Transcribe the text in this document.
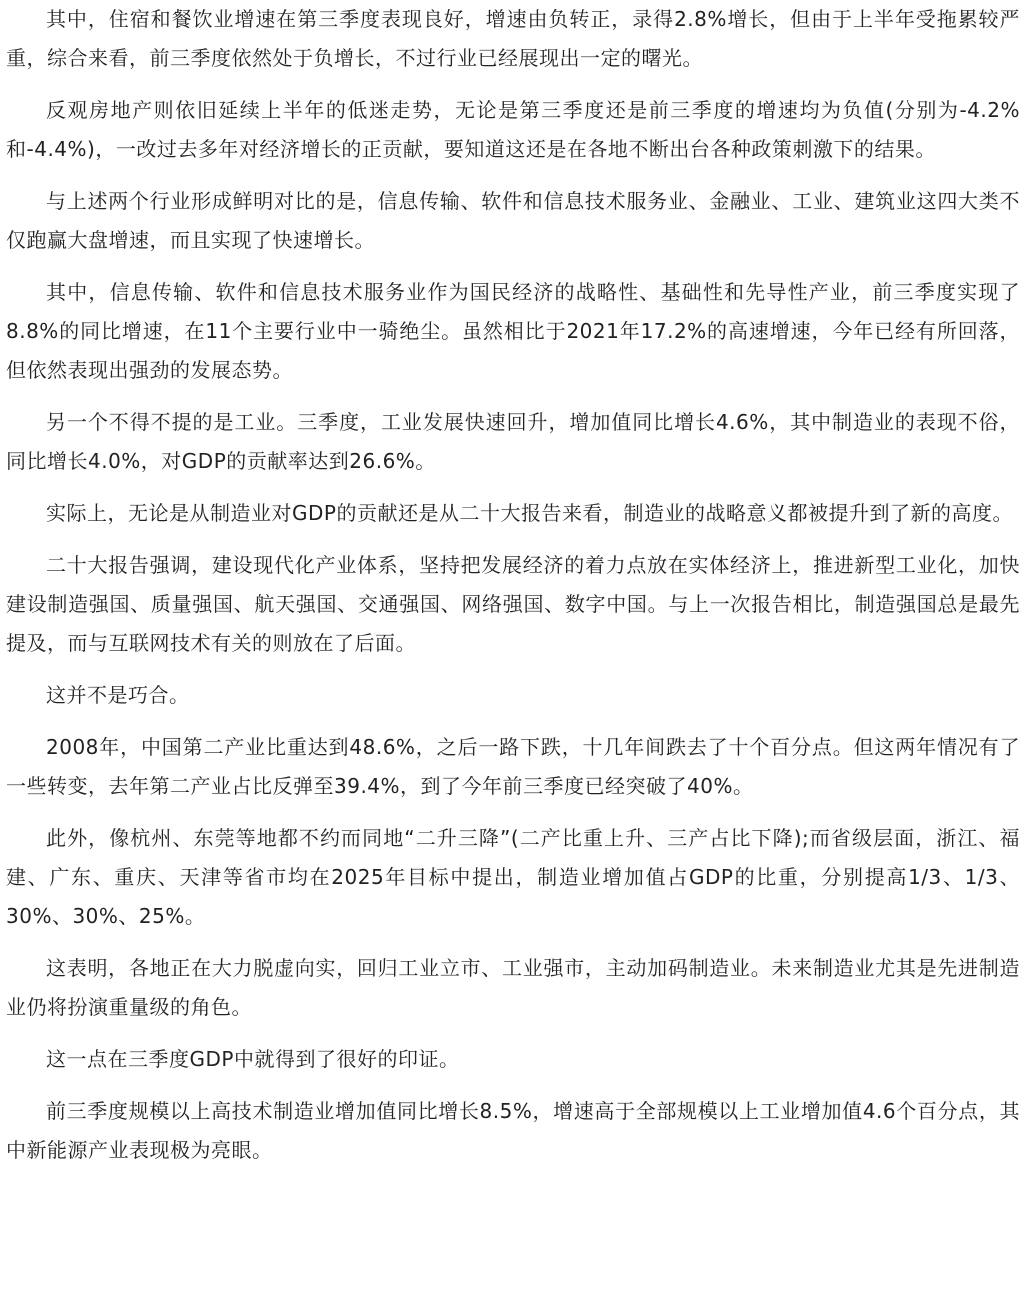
其中，住宿和餐饮业增速在第三季度表现良好，增速由负转正，录得2.8%增长，但由于上半年受拖累较严重，综合来看，前三季度依然处于负增长，不过行业已经展现出一定的曙光。

反观房地产则依旧延续上半年的低迷走势，无论是第三季度还是前三季度的增速均为负值(分别为-4.2%和-4.4%)，一改过去多年对经济增长的正贡献，要知道这还是在各地不断出台各种政策刺激下的结果。

与上述两个行业形成鲜明对比的是，信息传输、软件和信息技术服务业、金融业、工业、建筑业这四大类不仅跑赢大盘增速，而且实现了快速增长。

其中，信息传输、软件和信息技术服务业作为国民经济的战略性、基础性和先导性产业，前三季度实现了8.8%的同比增速，在11个主要行业中一骑绝尘。虽然相比于2021年17.2%的高速增速，今年已经有所回落，但依然表现出强劲的发展态势。

另一个不得不提的是工业。三季度，工业发展快速回升，增加值同比增长4.6%，其中制造业的表现不俗，同比增长4.0%，对GDP的贡献率达到26.6%。

实际上，无论是从制造业对GDP的贡献还是从二十大报告来看，制造业的战略意义都被提升到了新的高度。

二十大报告强调，建设现代化产业体系，坚持把发展经济的着力点放在实体经济上，推进新型工业化，加快建设制造强国、质量强国、航天强国、交通强国、网络强国、数字中国。与上一次报告相比，制造强国总是最先提及，而与互联网技术有关的则放在了后面。

这并不是巧合。

2008年，中国第二产业比重达到48.6%，之后一路下跌，十几年间跌去了十个百分点。但这两年情况有了一些转变，去年第二产业占比反弹至39.4%，到了今年前三季度已经突破了40%。

此外，像杭州、东莞等地都不约而同地“二升三降”(二产比重上升、三产占比下降);而省级层面，浙江、福建、广东、重庆、天津等省市均在2025年目标中提出，制造业增加值占GDP的比重，分别提高1/3、1/3、30%、30%、25%。

这表明，各地正在大力脱虚向实，回归工业立市、工业强市，主动加码制造业。未来制造业尤其是先进制造业仍将扮演重量级的角色。

这一点在三季度GDP中就得到了很好的印证。

前三季度规模以上高技术制造业增加值同比增长8.5%，增速高于全部规模以上工业增加值4.6个百分点，其中新能源产业表现极为亮眼。
